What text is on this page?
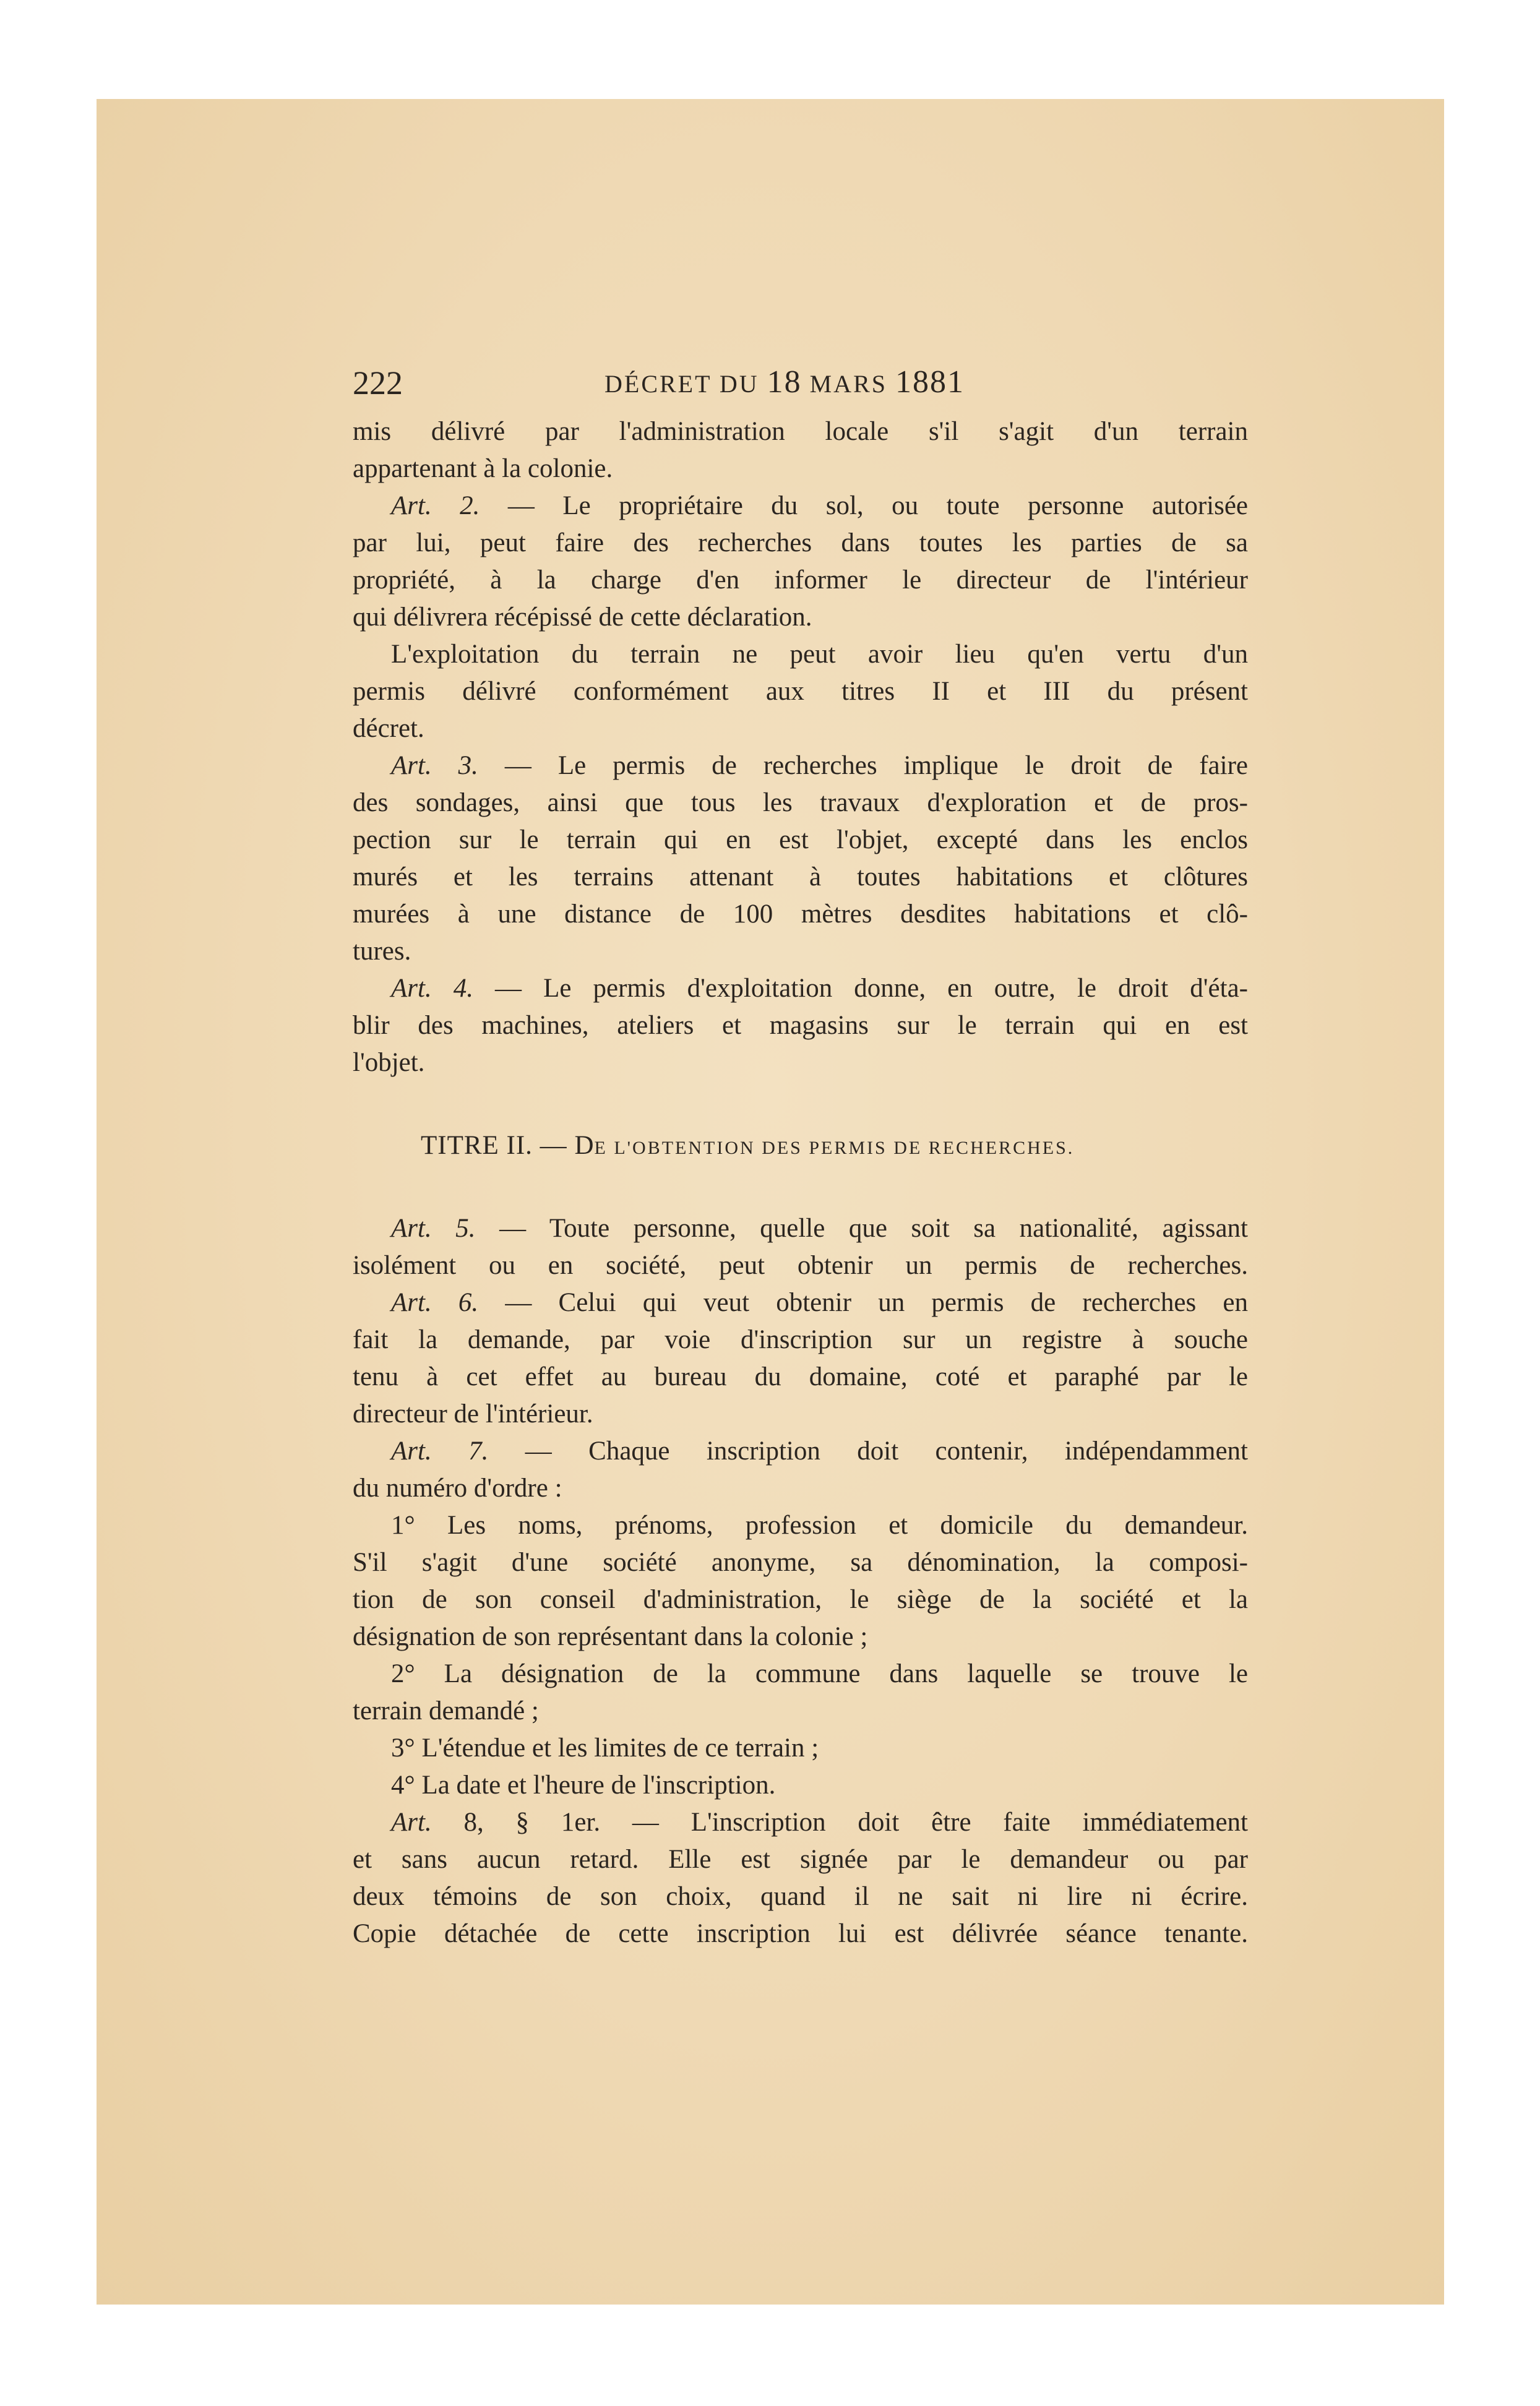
222	DÉCRET DU 18 MARS 1881
mis délivré par l'administration locale s'il s'agit d'un terrain
appartenant à la colonie.
Art. 2. — Le propriétaire du sol, ou toute personne autorisée
par lui, peut faire des recherches dans toutes les parties de sa
propriété, à la charge d'en informer le directeur de l'intérieur
qui délivrera récépissé de cette déclaration.
L'exploitation du terrain ne peut avoir lieu qu'en vertu d'un
permis délivré conformément aux titres II et III du présent
décret.
Art. 3. — Le permis de recherches implique le droit de faire
des sondages, ainsi que tous les travaux d'exploration et de pros-
pection sur le terrain qui en est l'objet, excepté dans les enclos
murés et les terrains attenant à toutes habitations et clôtures
murées à une distance de 100 mètres desdites habitations et clô-
tures.
Art. 4. — Le permis d'exploitation donne, en outre, le droit d'éta-
blir des machines, ateliers et magasins sur le terrain qui en est
l'objet.
TITRE II. — DE L'OBTENTION DES PERMIS DE RECHERCHES.
Art. 5. — Toute personne, quelle que soit sa nationalité, agissant
isolément ou en société, peut obtenir un permis de recherches.
Art. 6. — Celui qui veut obtenir un permis de recherches en
fait la demande, par voie d'inscription sur un registre à souche
tenu à cet effet au bureau du domaine, coté et paraphé par le
directeur de l'intérieur.
Art. 7. — Chaque inscription doit contenir, indépendamment
du numéro d'ordre :
1° Les noms, prénoms, profession et domicile du demandeur.
S'il s'agit d'une société anonyme, sa dénomination, la composi-
tion de son conseil d'administration, le siège de la société et la
désignation de son représentant dans la colonie ;
2° La désignation de la commune dans laquelle se trouve le
terrain demandé ;
3° L'étendue et les limites de ce terrain ;
4° La date et l'heure de l'inscription.
Art. 8, § 1er. — L'inscription doit être faite immédiatement
et sans aucun retard. Elle est signée par le demandeur ou par
deux témoins de son choix, quand il ne sait ni lire ni écrire.
Copie détachée de cette inscription lui est délivrée séance tenante.
